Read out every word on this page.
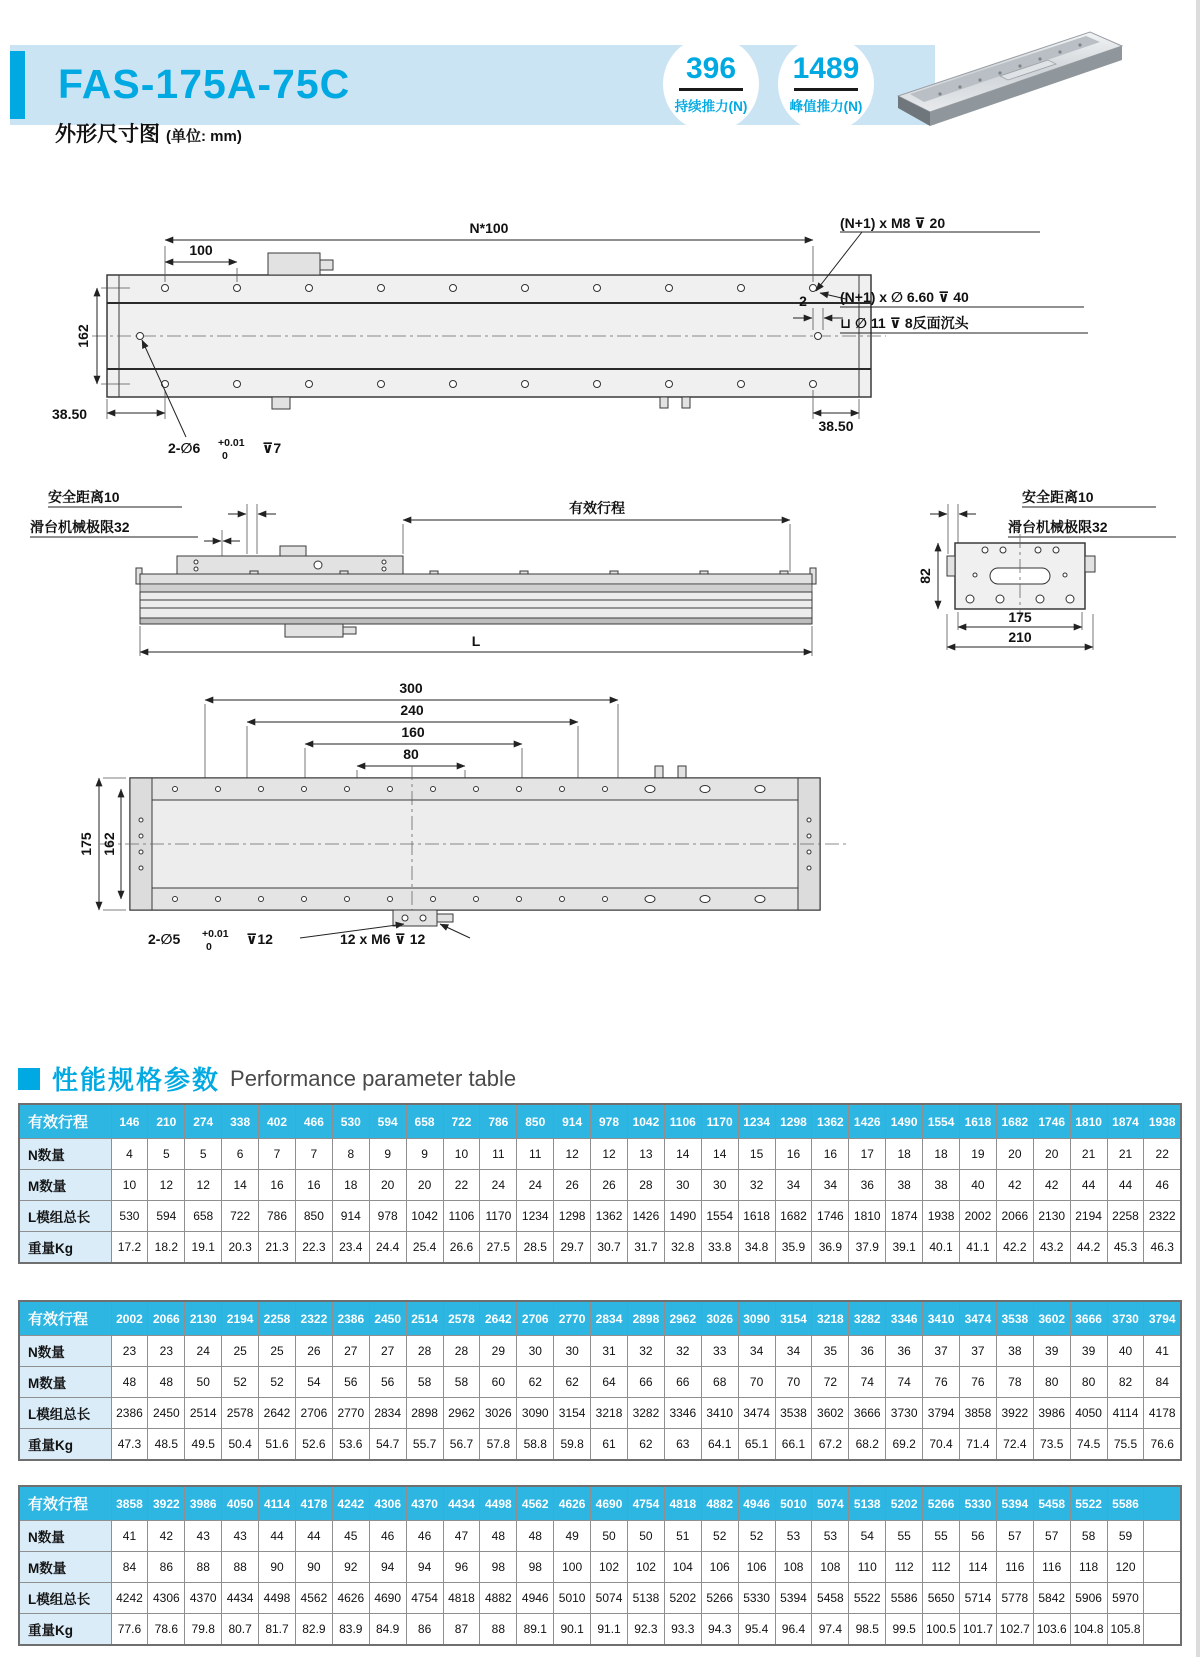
FAS-175A-75C	396
持续推力(N)
1489
峰值推力(N)
外形尺寸图 (单位: mm)
N*100
100
162
38.50
38.50
2
(N+1) x M8 ⊽ 20
(N+1) x ∅ 6.60 ⊽ 40
⊔ ∅ 11 ⊽ 8反面沉头
2-∅6 +0.01
0 ⊽7
安全距离10
滑台机械极限32
安全距离10
滑台机械极限32
有效行程
L
82
175
210
300
240
160
80
175 162
2-∅5 +0.01
0 ⊽12	12 x M6 ⊽ 12
性能规格参数 Performance parameter table
有效行程	146	210	274	338	402	466	530	594	658	722	786	850	914	978	1042	1106	1170	1234	1298	1362	1426	1490	1554	1618	1682	1746	1810	1874	1938
N数量	4	5	5	6	7	7	8	9	9	10	11	11	12	12	13	14	14	15	16	16	17	18	18	19	20	20	21	21	22
M数量	10	12	12	14	16	16	18	20	20	22	24	24	26	26	28	30	30	32	34	34	36	38	38	40	42	42	44	44	46
L模组总长	530	594	658	722	786	850	914	978	1042	1106	1170	1234	1298	1362	1426	1490	1554	1618	1682	1746	1810	1874	1938	2002	2066	2130	2194	2258	2322
重量Kg	17.2	18.2	19.1	20.3	21.3	22.3	23.4	24.4	25.4	26.6	27.5	28.5	29.7	30.7	31.7	32.8	33.8	34.8	35.9	36.9	37.9	39.1	40.1	41.1	42.2	43.2	44.2	45.3	46.3
有效行程	2002	2066	2130	2194	2258	2322	2386	2450	2514	2578	2642	2706	2770	2834	2898	2962	3026	3090	3154	3218	3282	3346	3410	3474	3538	3602	3666	3730	3794
N数量	23	23	24	25	25	26	27	27	28	28	29	30	30	31	32	32	33	34	34	35	36	36	37	37	38	39	39	40	41
M数量	48	48	50	52	52	54	56	56	58	58	60	62	62	64	66	66	68	70	70	72	74	74	76	76	78	80	80	82	84
L模组总长	2386	2450	2514	2578	2642	2706	2770	2834	2898	2962	3026	3090	3154	3218	3282	3346	3410	3474	3538	3602	3666	3730	3794	3858	3922	3986	4050	4114	4178
重量Kg	47.3	48.5	49.5	50.4	51.6	52.6	53.6	54.7	55.7	56.7	57.8	58.8	59.8	61	62	63	64.1	65.1	66.1	67.2	68.2	69.2	70.4	71.4	72.4	73.5	74.5	75.5	76.6
有效行程	3858	3922	3986	4050	4114	4178	4242	4306	4370	4434	4498	4562	4626	4690	4754	4818	4882	4946	5010	5074	5138	5202	5266	5330	5394	5458	5522	5586	
N数量	41	42	43	43	44	44	45	46	46	47	48	48	49	50	50	51	52	52	53	53	54	55	55	56	57	57	58	59	
M数量	84	86	88	88	90	90	92	94	94	96	98	98	100	102	102	104	106	106	108	108	110	112	112	114	116	116	118	120	
L模组总长	4242	4306	4370	4434	4498	4562	4626	4690	4754	4818	4882	4946	5010	5074	5138	5202	5266	5330	5394	5458	5522	5586	5650	5714	5778	5842	5906	5970	
重量Kg	77.6	78.6	79.8	80.7	81.7	82.9	83.9	84.9	86	87	88	89.1	90.1	91.1	92.3	93.3	94.3	95.4	96.4	97.4	98.5	99.5	100.5	101.7	102.7	103.6	104.8	105.8	
